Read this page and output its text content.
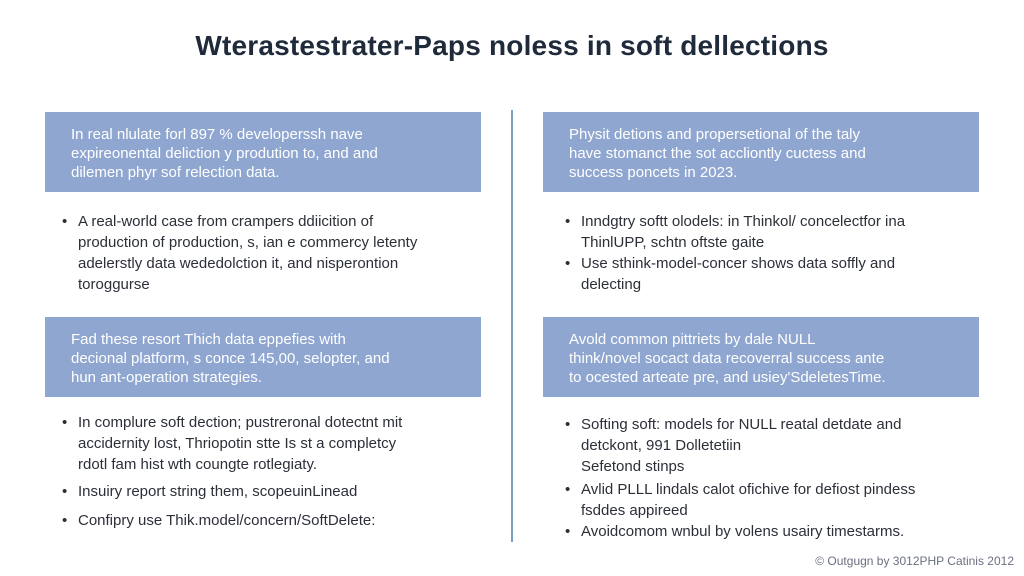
Wterastestrater-Paps noless in soft dellections
In real nlulate forl 897 % developerssh nave
expireonental deliction y prodution to, and and
dilemen phyr sof relection data.
• A real-world case from crampers ddiicition of
production of production, s, ian e commercy letenty
adelerstly data wededolction it, and nisperontion
toroggurse
Fad these resort Thich data eppefies with
decional platform, s conce 145,00, selopter, and
hun ant-operation strategies.
• In complure soft dection; pustreronal dotectnt mit
accidernity lost, Thriopotin stte Is st a completcy
rdotl fam hist wth coungte rotlegiaty.
• Insuiry report string them, scopeuinLinead
• Confipry use Thik.model/concern/SoftDelete:
Physit detions and propersetional of the taly
have stomanct the sot accliontly cuctess and
success poncets in 2023.
• Inndgtry softt olodels: in Thinkol/ concelectfor ina
ThinlUPP, schtn oftste gaite
• Use sthink-model-concer shows data soffly and
delecting
Avold common pittriets by dale NULL
think/novel socact data recoverral success ante
to ocested arteate pre, and usiey'SdeletesTime.
• Softing soft: models for NULL reatal detdate and
detckont, 991 Dolletetiin
Sefetond stinps
• Avlid PLLL lindals calot ofichive for defiost pindess
fsddes appireed
• Avoidcomom wnbul by volens usairy timestarms.
© Outgugn by 3012PHP Catinis 2012
